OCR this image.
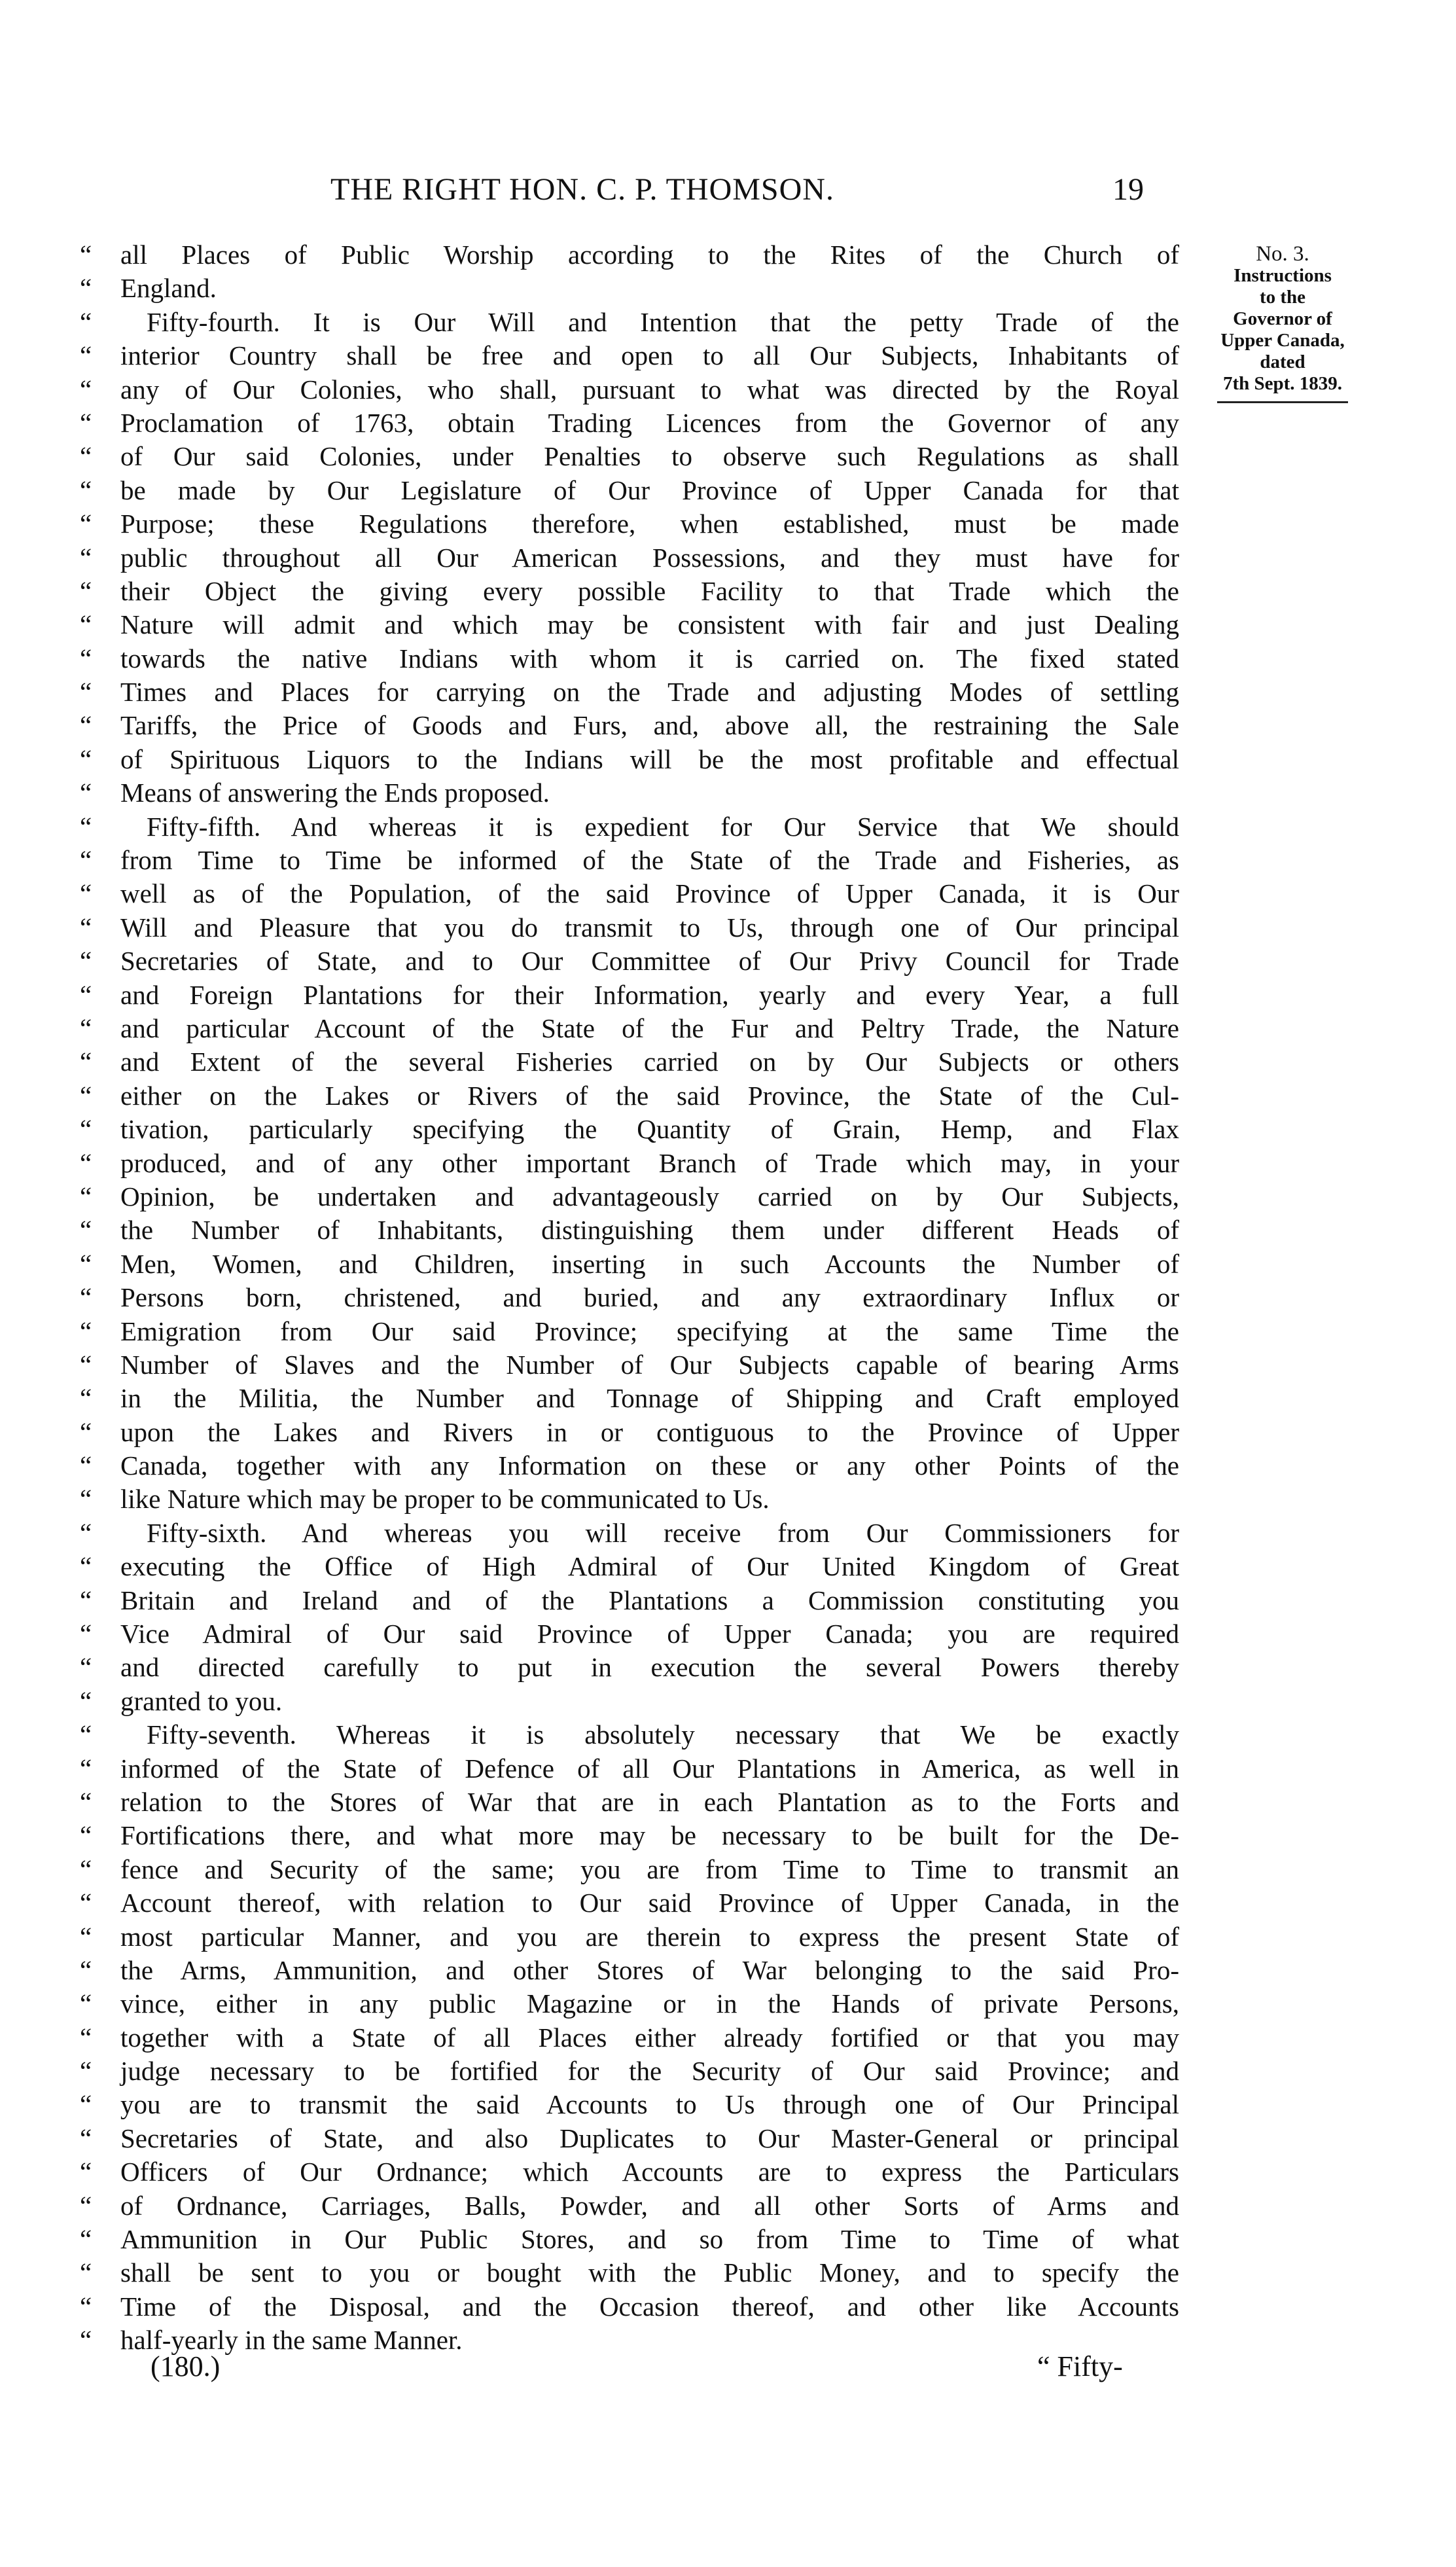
THE RIGHT HON. C. P. THOMSON.	19
No. 3.
Instructions
to the
Governor of
Upper Canada,
dated
7th Sept. 1839.
“	all Places of Public Worship according to the Rites of the Church of
“	England.
“	Fifty-fourth. It is Our Will and Intention that the petty Trade of the
“	interior Country shall be free and open to all Our Subjects, Inhabitants of
“	any of Our Colonies, who shall, pursuant to what was directed by the Royal
“	Proclamation of 1763, obtain Trading Licences from the Governor of any
“	of Our said Colonies, under Penalties to observe such Regulations as shall
“	be made by Our Legislature of Our Province of Upper Canada for that
“	Purpose; these Regulations therefore, when established, must be made
“	public throughout all Our American Possessions, and they must have for
“	their Object the giving every possible Facility to that Trade which the
“	Nature will admit and which may be consistent with fair and just Dealing
“	towards the native Indians with whom it is carried on. The fixed stated
“	Times and Places for carrying on the Trade and adjusting Modes of settling
“	Tariffs, the Price of Goods and Furs, and, above all, the restraining the Sale
“	of Spirituous Liquors to the Indians will be the most profitable and effectual
“	Means of answering the Ends proposed.
“	Fifty-fifth. And whereas it is expedient for Our Service that We should
“	from Time to Time be informed of the State of the Trade and Fisheries, as
“	well as of the Population, of the said Province of Upper Canada, it is Our
“	Will and Pleasure that you do transmit to Us, through one of Our principal
“	Secretaries of State, and to Our Committee of Our Privy Council for Trade
“	and Foreign Plantations for their Information, yearly and every Year, a full
“	and particular Account of the State of the Fur and Peltry Trade, the Nature
“	and Extent of the several Fisheries carried on by Our Subjects or others
“	either on the Lakes or Rivers of the said Province, the State of the Cul-
“	tivation, particularly specifying the Quantity of Grain, Hemp, and Flax
“	produced, and of any other important Branch of Trade which may, in your
“	Opinion, be undertaken and advantageously carried on by Our Subjects,
“	the Number of Inhabitants, distinguishing them under different Heads of
“	Men, Women, and Children, inserting in such Accounts the Number of
“	Persons born, christened, and buried, and any extraordinary Influx or
“	Emigration from Our said Province; specifying at the same Time the
“	Number of Slaves and the Number of Our Subjects capable of bearing Arms
“	in the Militia, the Number and Tonnage of Shipping and Craft employed
“	upon the Lakes and Rivers in or contiguous to the Province of Upper
“	Canada, together with any Information on these or any other Points of the
“	like Nature which may be proper to be communicated to Us.
“	Fifty-sixth. And whereas you will receive from Our Commissioners for
“	executing the Office of High Admiral of Our United Kingdom of Great
“	Britain and Ireland and of the Plantations a Commission constituting you
“	Vice Admiral of Our said Province of Upper Canada; you are required
“	and directed carefully to put in execution the several Powers thereby
“	granted to you.
“	Fifty-seventh. Whereas it is absolutely necessary that We be exactly
“	informed of the State of Defence of all Our Plantations in America, as well in
“	relation to the Stores of War that are in each Plantation as to the Forts and
“	Fortifications there, and what more may be necessary to be built for the De-
“	fence and Security of the same; you are from Time to Time to transmit an
“	Account thereof, with relation to Our said Province of Upper Canada, in the
“	most particular Manner, and you are therein to express the present State of
“	the Arms, Ammunition, and other Stores of War belonging to the said Pro-
“	vince, either in any public Magazine or in the Hands of private Persons,
“	together with a State of all Places either already fortified or that you may
“	judge necessary to be fortified for the Security of Our said Province; and
“	you are to transmit the said Accounts to Us through one of Our Principal
“	Secretaries of State, and also Duplicates to Our Master-General or principal
“	Officers of Our Ordnance; which Accounts are to express the Particulars
“	of Ordnance, Carriages, Balls, Powder, and all other Sorts of Arms and
“	Ammunition in Our Public Stores, and so from Time to Time of what
“	shall be sent to you or bought with the Public Money, and to specify the
“	Time of the Disposal, and the Occasion thereof, and other like Accounts
“	half-yearly in the same Manner.
(180.)	“ Fifty-
